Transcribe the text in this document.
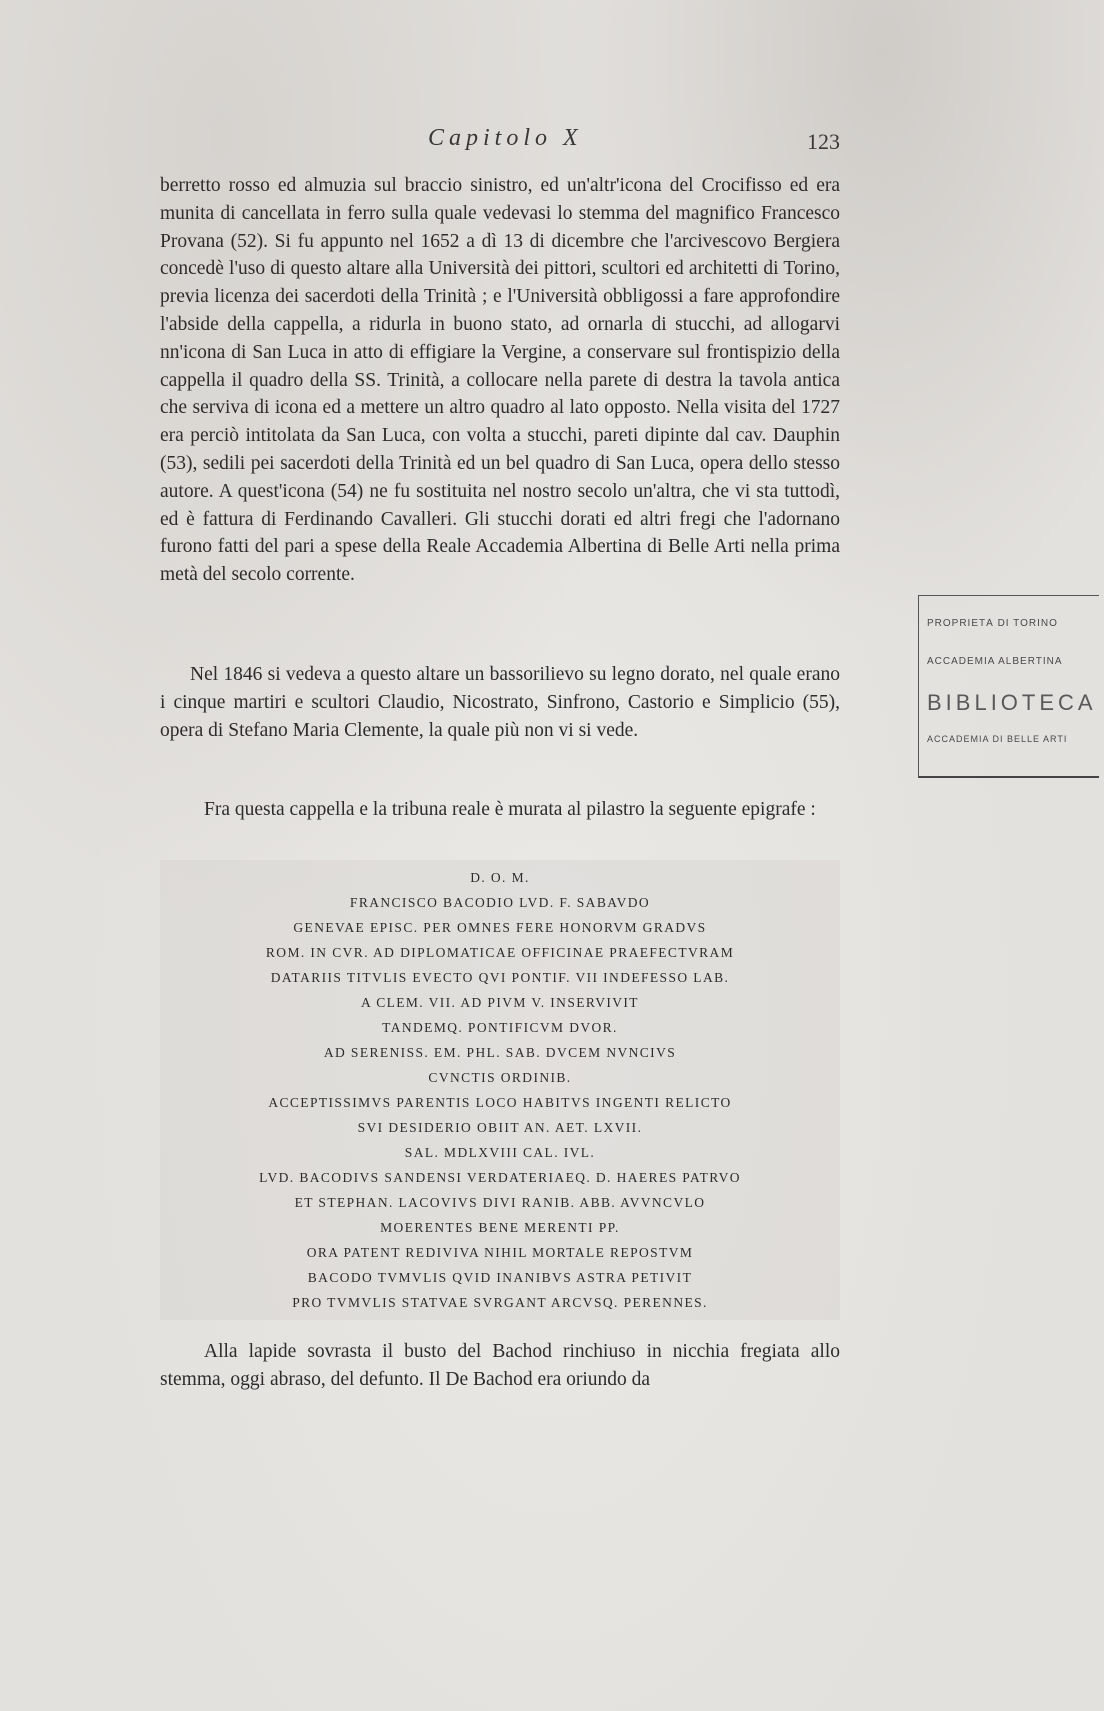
Capitolo X	123

berretto rosso ed almuzia sul braccio sinistro, ed un'altr'icona del Crocifisso ed era munita di cancellata in ferro sulla quale vedevasi lo stemma del magnifico Francesco Provana (52). Si fu appunto nel 1652 a dì 13 di dicembre che l'arcivescovo Bergiera concedè l'uso di questo altare alla Università dei pittori, scultori ed architetti di Torino, previa licenza dei sacerdoti della Trinità ; e l'Università obbligossi a fare approfondire l'abside della cappella, a ridurla in buono stato, ad ornarla di stucchi, ad allogarvi nn'icona di San Luca in atto di effigiare la Vergine, a conservare sul frontispizio della cappella il quadro della SS. Trinità, a collocare nella parete di destra la tavola antica che serviva di icona ed a mettere un altro quadro al lato opposto. Nella visita del 1727 era perciò intitolata da San Luca, con volta a stucchi, pareti dipinte dal cav. Dauphin (53), sedili pei sacerdoti della Trinità ed un bel quadro di San Luca, opera dello stesso autore. A quest'icona (54) ne fu sostituita nel nostro secolo un'altra, che vi sta tuttodì, ed è fattura di Ferdinando Cavalleri. Gli stucchi dorati ed altri fregi che l'adornano furono fatti del pari a spese della Reale Accademia Albertina di Belle Arti nella prima metà del secolo corrente.

Nel 1846 si vedeva a questo altare un bassorilievo su legno dorato, nel quale erano i cinque martiri e scultori Claudio, Nicostrato, Sinfrono, Castorio e Simplicio (55), opera di Stefano Maria Clemente, la quale più non vi si vede.

Fra questa cappella e la tribuna reale è murata al pilastro la seguente epigrafe :

D. O. M.
FRANCISCO BACODIO LVD. F. SABAVDO
GENEVAE EPISC. PER OMNES FERE HONORVM GRADVS
ROM. IN CVR. AD DIPLOMATICAE OFFICINAE PRAEFECTVRAM
DATARIIS TITVLIS EVECTO QVI PONTIF. VII INDEFESSO LAB.
A CLEM. VII. AD PIVM V. INSERVIVIT
TANDEMQ. PONTIFICVM DVOR.
AD SERENISS. EM. PHL. SAB. DVCEM NVNCIVS
CVNCTIS ORDINIB.
ACCEPTISSIMVS PARENTIS LOCO HABITVS INGENTI RELICTO
SVI DESIDERIO OBIIT AN. AET. LXVII.
SAL. MDLXVIII CAL. IVL.
LVD. BACODIVS SANDENSI VERDATERIAEQ. D. HAERES PATRVO
ET STEPHAN. LACOVIVS DIVI RANIB. ABB. AVVNCVLO
MOERENTES BENE MERENTI PP.
ORA PATENT REDIVIVA NIHIL MORTALE REPOSTVM
BACODO TVMVLIS QVID INANIBVS ASTRA PETIVIT
PRO TVMVLIS STATVAE SVRGANT ARCVSQ. PERENNES.

Alla lapide sovrasta il busto del Bachod rinchiuso in nicchia fregiata allo stemma, oggi abraso, del defunto. Il De Bachod era oriundo da

PROPRIETÀ DI TORINO
ACCADEMIA ALBERTINA
BIBLIOTECA
ACCADEMIA DI BELLE ARTI
